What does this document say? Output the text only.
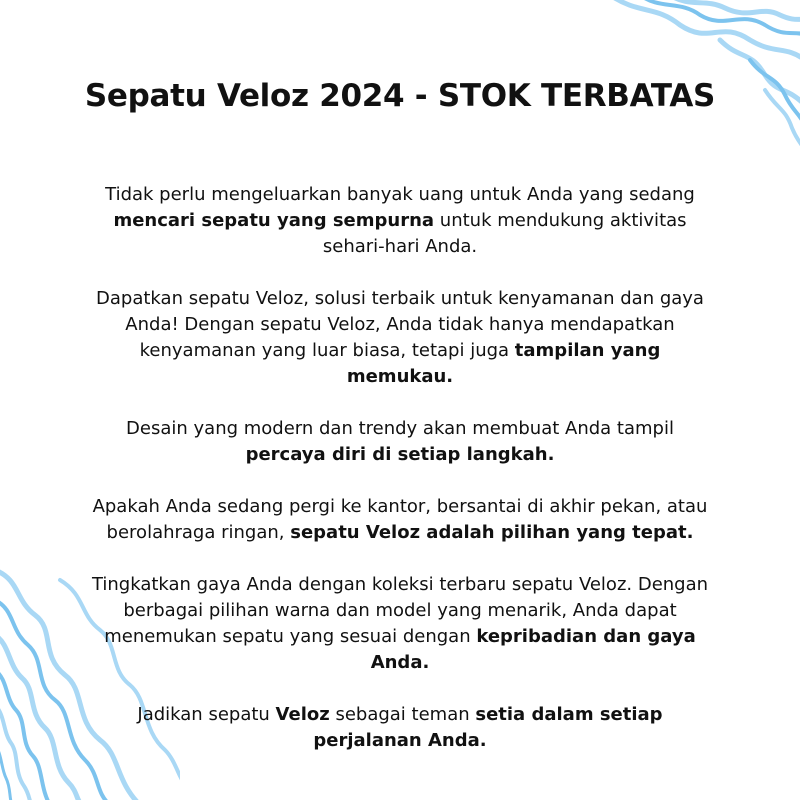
Sepatu Veloz 2024 - STOK TERBATAS

Tidak perlu mengeluarkan banyak uang untuk Anda yang sedang mencari sepatu yang sempurna untuk mendukung aktivitas sehari-hari Anda.

Dapatkan sepatu Veloz, solusi terbaik untuk kenyamanan dan gaya Anda! Dengan sepatu Veloz, Anda tidak hanya mendapatkan kenyamanan yang luar biasa, tetapi juga tampilan yang memukau.

Desain yang modern dan trendy akan membuat Anda tampil percaya diri di setiap langkah.

Apakah Anda sedang pergi ke kantor, bersantai di akhir pekan, atau berolahraga ringan, sepatu Veloz adalah pilihan yang tepat.

Tingkatkan gaya Anda dengan koleksi terbaru sepatu Veloz. Dengan berbagai pilihan warna dan model yang menarik, Anda dapat menemukan sepatu yang sesuai dengan kepribadian dan gaya Anda.

Jadikan sepatu Veloz sebagai teman setia dalam setiap perjalanan Anda.
